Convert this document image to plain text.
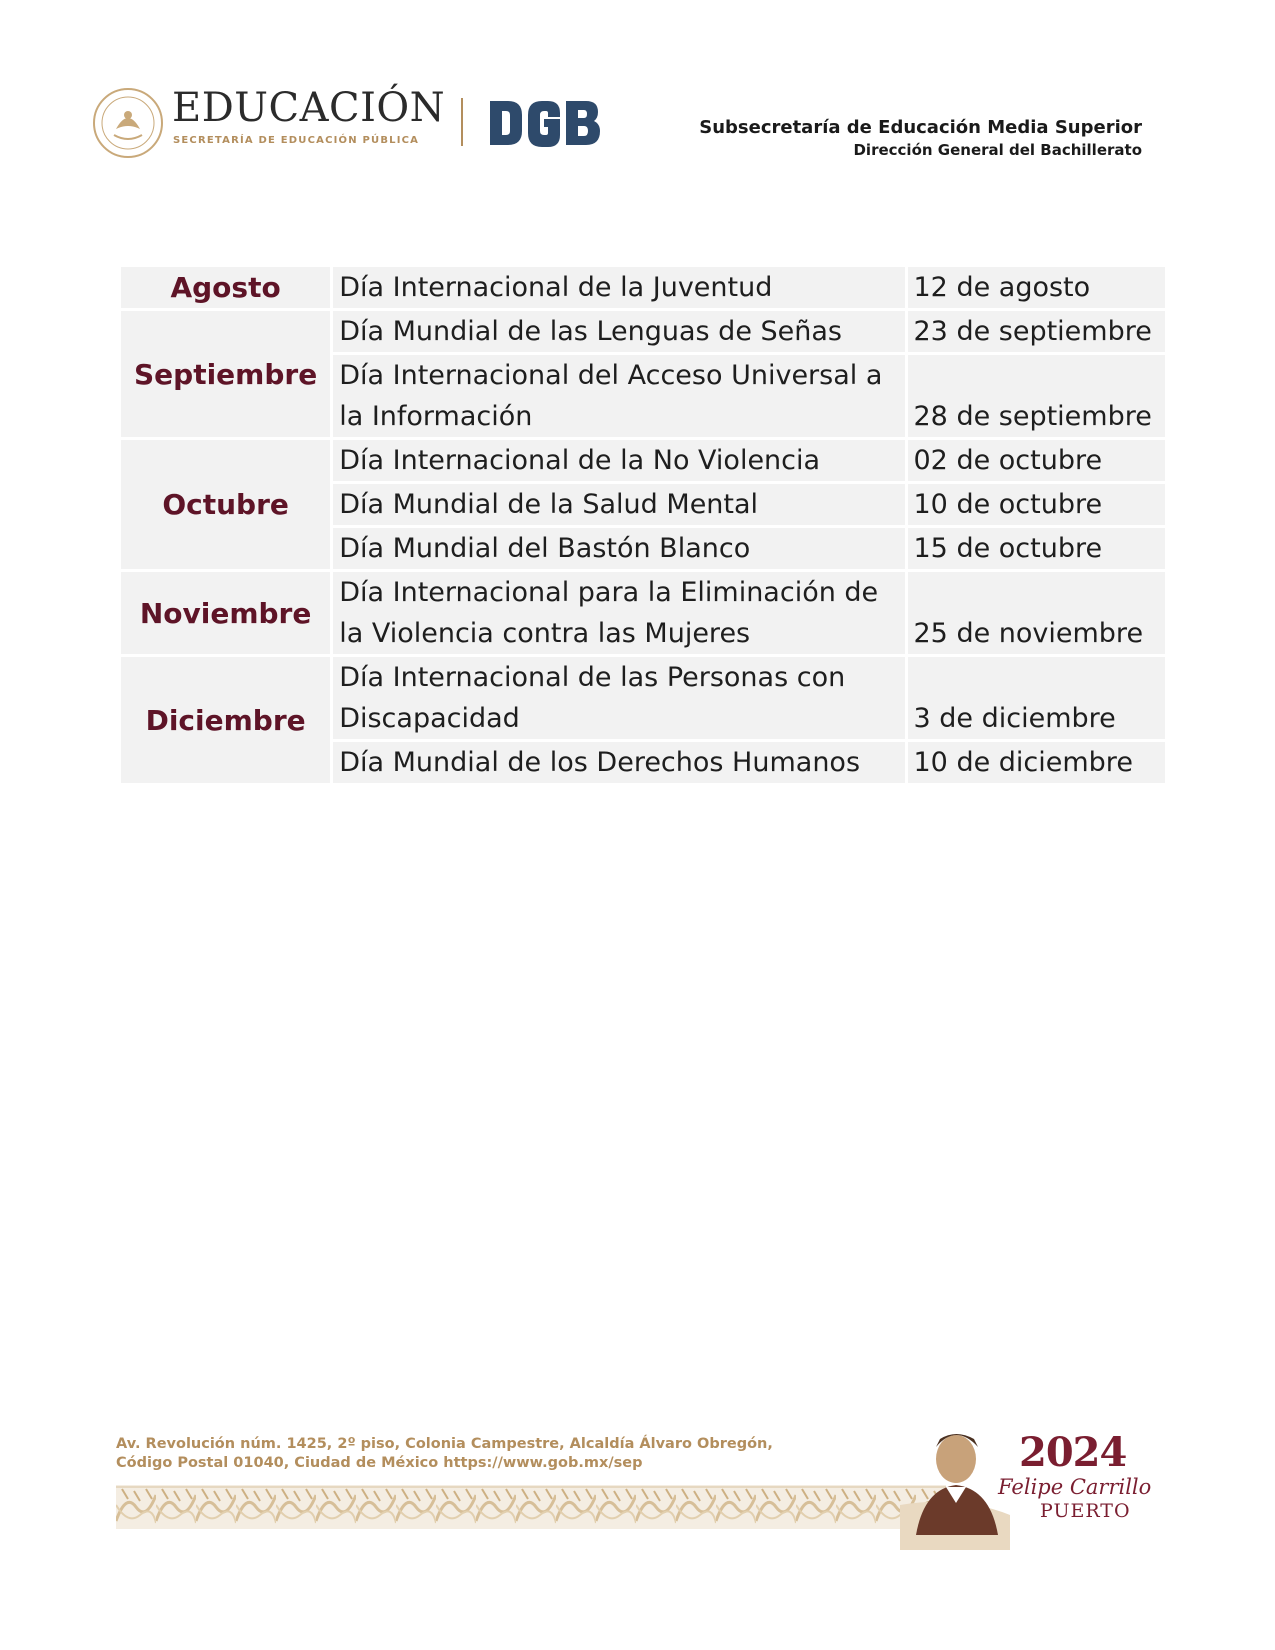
EDUCACIÓN
SECRETARÍA DE EDUCACIÓN PÚBLICA
Subsecretaría de Educación Media Superior
Dirección General del Bachillerato
Agosto	Día Internacional de la Juventud	12 de agosto
Septiembre	Día Mundial de las Lenguas de Señas	23 de septiembre
	Día Internacional del Acceso Universal a la Información	28 de septiembre
Octubre	Día Internacional de la No Violencia	02 de octubre
	Día Mundial de la Salud Mental	10 de octubre
	Día Mundial del Bastón Blanco	15 de octubre
Noviembre	Día Internacional para la Eliminación de la Violencia contra las Mujeres	25 de noviembre
Diciembre	Día Internacional de las Personas con Discapacidad	3 de diciembre
	Día Mundial de los Derechos Humanos	10 de diciembre
Av. Revolución núm. 1425, 2º piso, Colonia Campestre, Alcaldía Álvaro Obregón,
Código Postal 01040, Ciudad de México https://www.gob.mx/sep	2024
Felipe Carrillo
PUERTO
